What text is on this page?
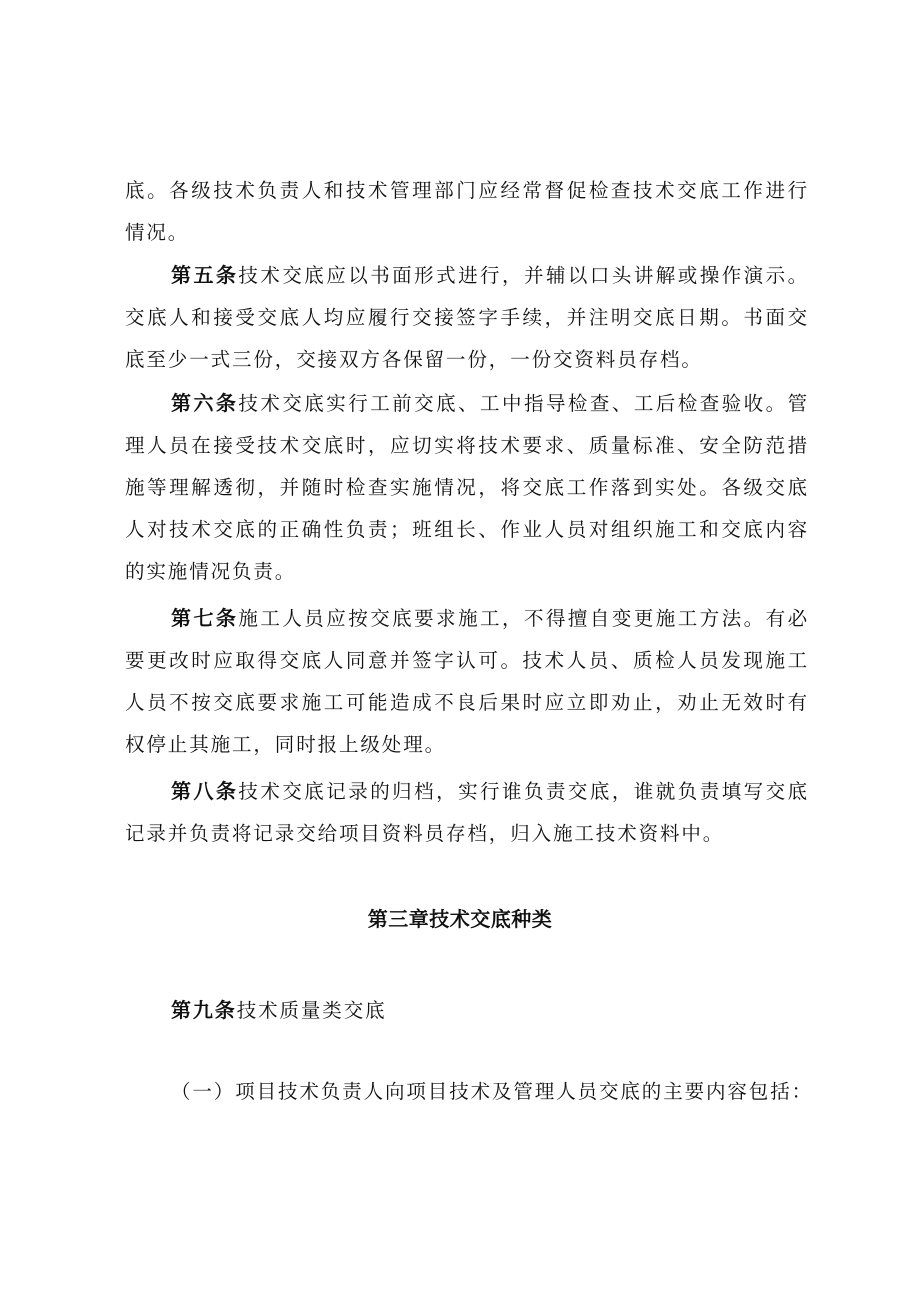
底。各级技术负责人和技术管理部门应经常督促检查技术交底工作进行情况。

第五条技术交底应以书面形式进行，并辅以口头讲解或操作演示。交底人和接受交底人均应履行交接签字手续，并注明交底日期。书面交底至少一式三份，交接双方各保留一份，一份交资料员存档。

第六条技术交底实行工前交底、工中指导检查、工后检查验收。管理人员在接受技术交底时，应切实将技术要求、质量标准、安全防范措施等理解透彻，并随时检查实施情况，将交底工作落到实处。各级交底人对技术交底的正确性负责；班组长、作业人员对组织施工和交底内容的实施情况负责。

第七条施工人员应按交底要求施工，不得擅自变更施工方法。有必要更改时应取得交底人同意并签字认可。技术人员、质检人员发现施工人员不按交底要求施工可能造成不良后果时应立即劝止，劝止无效时有权停止其施工，同时报上级处理。

第八条技术交底记录的归档，实行谁负责交底，谁就负责填写交底记录并负责将记录交给项目资料员存档，归入施工技术资料中。

第三章技术交底种类

第九条技术质量类交底

（一）项目技术负责人向项目技术及管理人员交底的主要内容包括：
